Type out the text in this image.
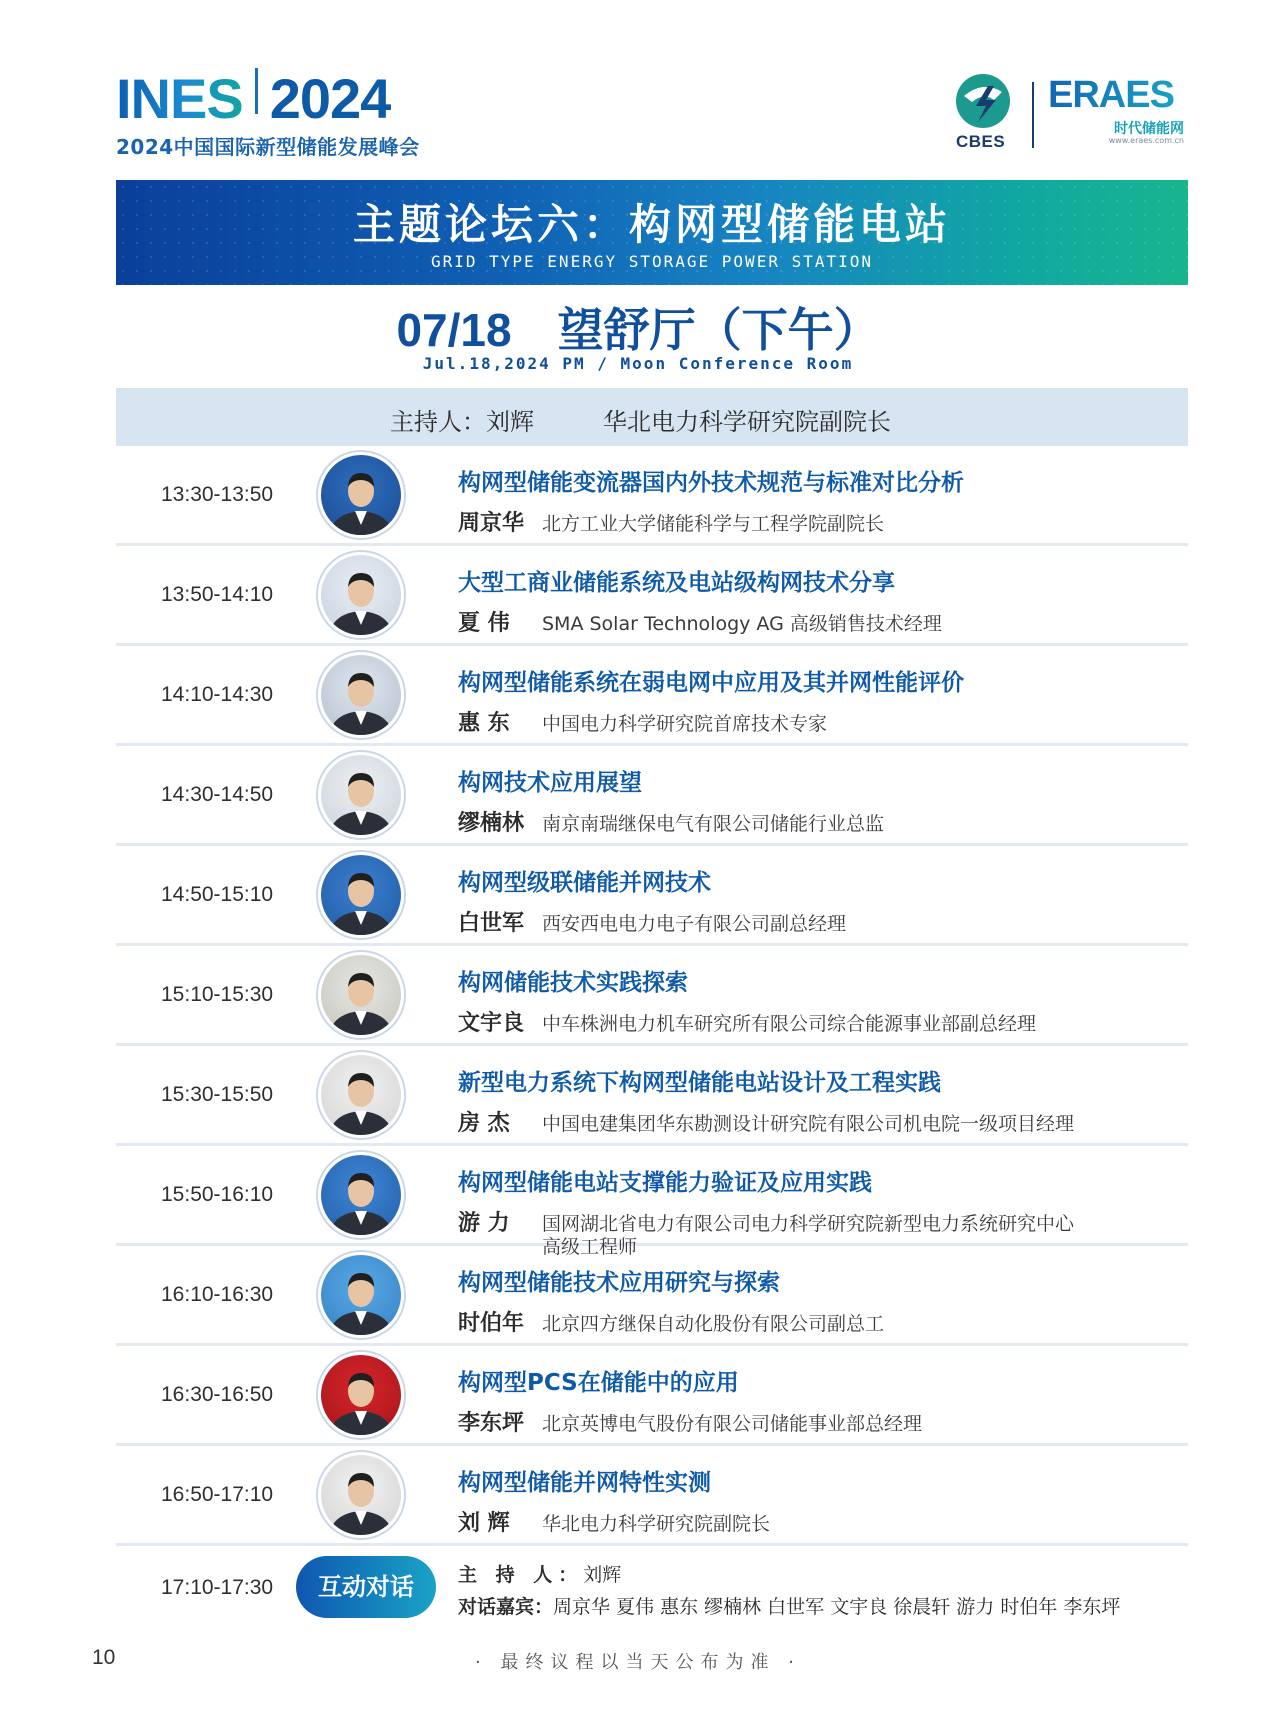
INES 2024
2024中国国际新型储能发展峰会	CBES
ERAES
时代储能网
www.eraes.com.cn
主题论坛六：构网型储能电站
GRID TYPE ENERGY STORAGE POWER STATION
07/18 望舒厅（下午）
Jul.18,2024 PM / Moon Conference Room
主持人：刘辉	华北电力科学研究院副院长
13:30-13:50	构网型储能变流器国内外技术规范与标准对比分析
周京华 北方工业大学储能科学与工程学院副院长
13:50-14:10	大型工商业储能系统及电站级构网技术分享
夏 伟 SMA Solar Technology AG 高级销售技术经理
14:10-14:30	构网型储能系统在弱电网中应用及其并网性能评价
惠 东 中国电力科学研究院首席技术专家
14:30-14:50	构网技术应用展望
缪楠林 南京南瑞继保电气有限公司储能行业总监
14:50-15:10	构网型级联储能并网技术
白世军 西安西电电力电子有限公司副总经理
15:10-15:30	构网储能技术实践探索
文宇良 中车株洲电力机车研究所有限公司综合能源事业部副总经理
15:30-15:50	新型电力系统下构网型储能电站设计及工程实践
房 杰 中国电建集团华东勘测设计研究院有限公司机电院一级项目经理
15:50-16:10	构网型储能电站支撑能力验证及应用实践
游 力 国网湖北省电力有限公司电力科学研究院新型电力系统研究中心
高级工程师
16:10-16:30	构网型储能技术应用研究与探索
时伯年 北京四方继保自动化股份有限公司副总工
16:30-16:50	构网型PCS在储能中的应用
李东坪 北京英博电气股份有限公司储能事业部总经理
16:50-17:10	构网型储能并网特性实测
刘 辉 华北电力科学研究院副院长
17:10-17:30	互动对话	主 持 人：刘辉
对话嘉宾：周京华 夏伟 惠东 缪楠林 白世军 文宇良 徐晨轩 游力 时伯年 李东坪
10	· 最终议程以当天公布为准 ·
